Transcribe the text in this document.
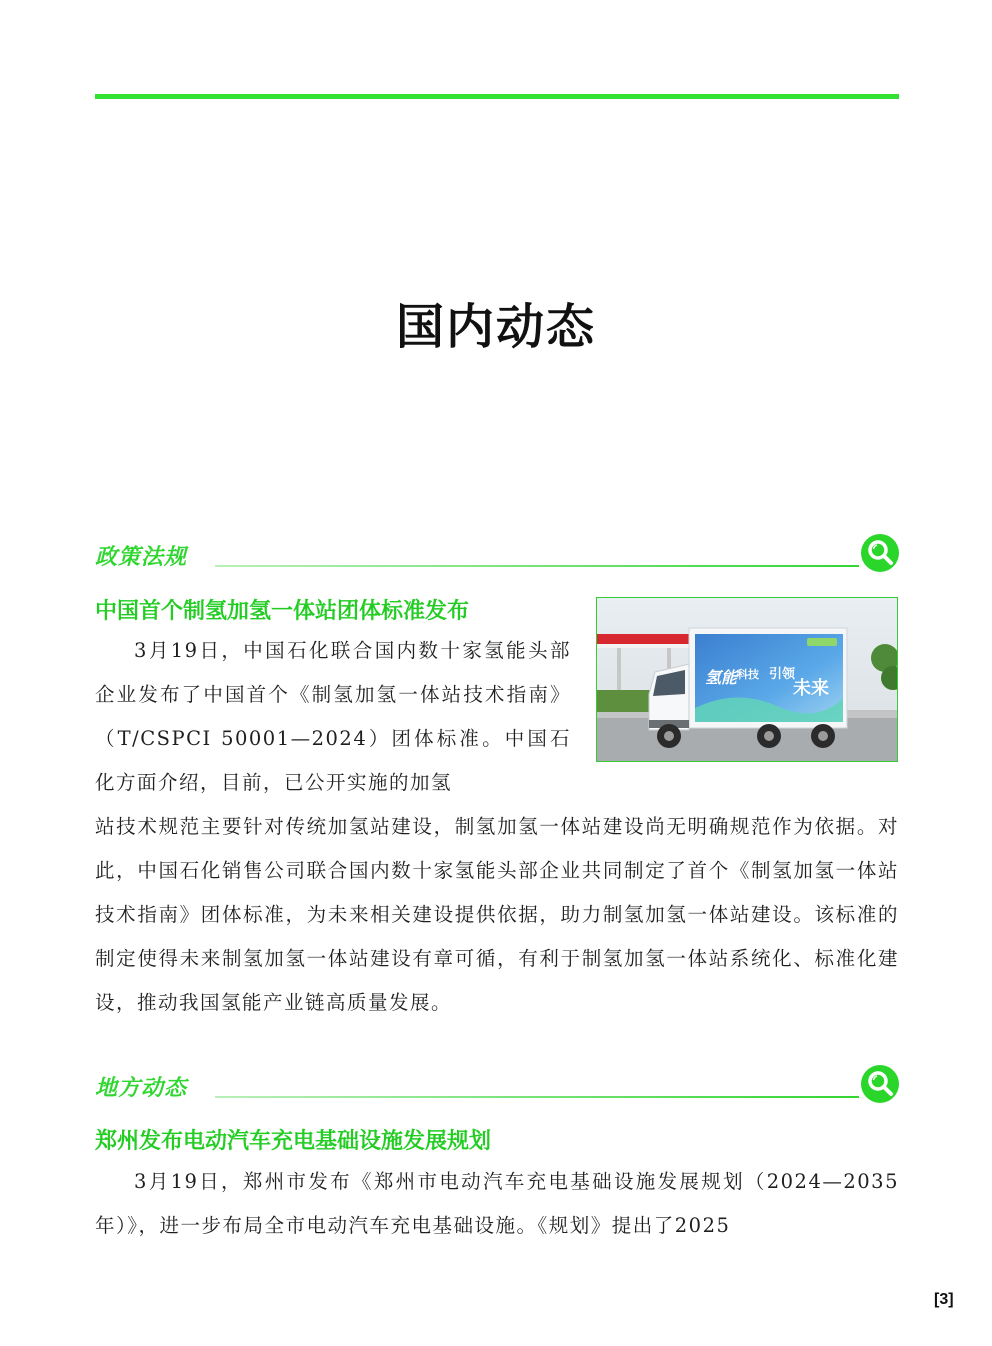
国内动态
政策法规
中国首个制氢加氢一体站团体标准发布

3月19日，中国石化联合国内数十家氢能头部企业发布了中国首个《制氢加氢一体站技术指南》（T/CSPCI 50001—2024）团体标准。中国石化方面介绍，目前，已公开实施的加氢

氢能 科技 引领
未来

站技术规范主要针对传统加氢站建设，制氢加氢一体站建设尚无明确规范作为依据。对此，中国石化销售公司联合国内数十家氢能头部企业共同制定了首个《制氢加氢一体站技术指南》团体标准，为未来相关建设提供依据，助力制氢加氢一体站建设。该标准的制定使得未来制氢加氢一体站建设有章可循，有利于制氢加氢一体站系统化、标准化建设，推动我国氢能产业链高质量发展。

地方动态
郑州发布电动汽车充电基础设施发展规划

3月19日，郑州市发布《郑州市电动汽车充电基础设施发展规划（2024—2035年）》，进一步布局全市电动汽车充电基础设施。《规划》提出了2025

[3]
